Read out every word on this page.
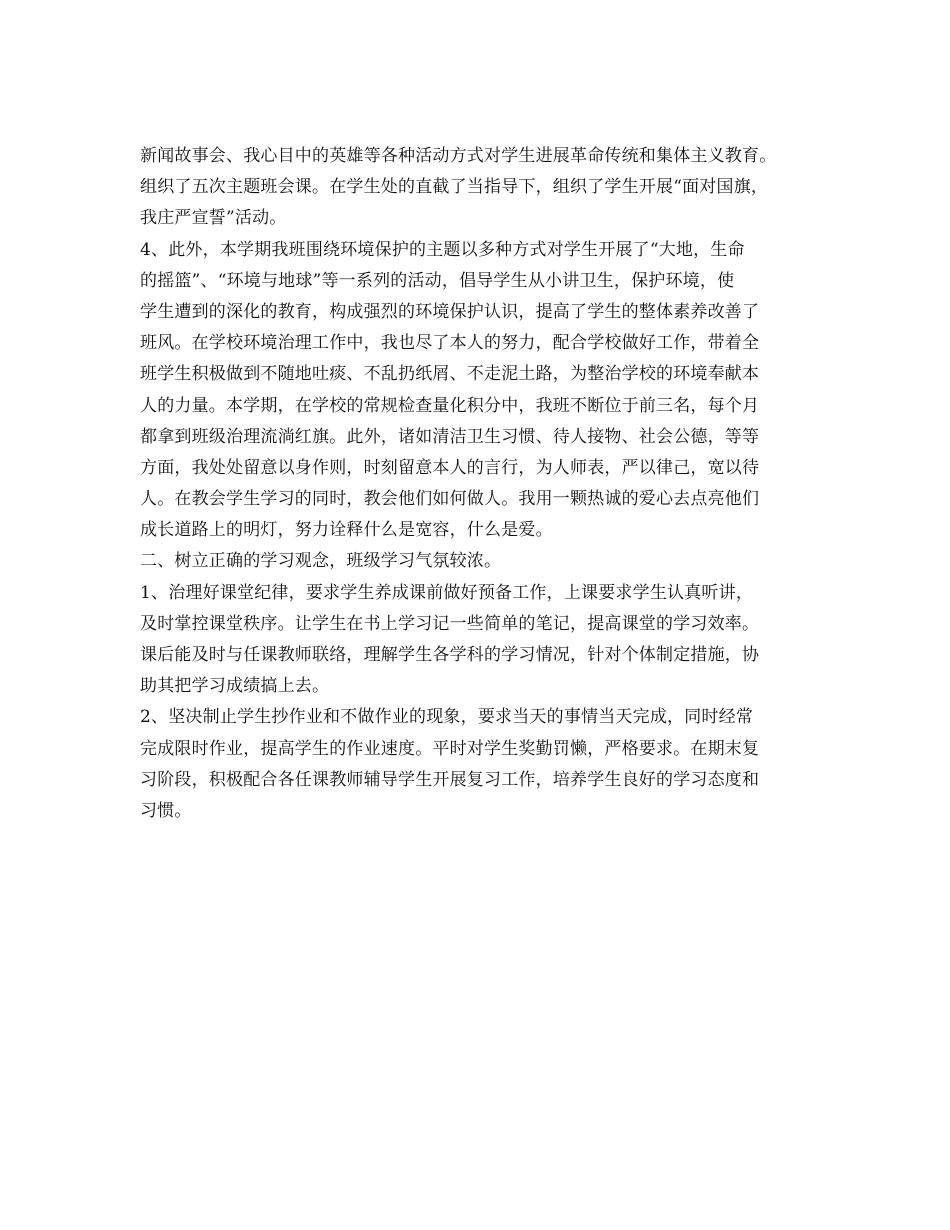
新闻故事会、我心目中的英雄等各种活动方式对学生进展革命传统和集体主义教育。
组织了五次主题班会课。在学生处的直截了当指导下，组织了学生开展“面对国旗，
我庄严宣誓”活动。
4、此外，本学期我班围绕环境保护的主题以多种方式对学生开展了“大地，生命
的摇篮”、“环境与地球”等一系列的活动，倡导学生从小讲卫生，保护环境，使
学生遭到的深化的教育，构成强烈的环境保护认识，提高了学生的整体素养改善了
班风。在学校环境治理工作中，我也尽了本人的努力，配合学校做好工作，带着全
班学生积极做到不随地吐痰、不乱扔纸屑、不走泥土路，为整治学校的环境奉献本
人的力量。本学期，在学校的常规检查量化积分中，我班不断位于前三名，每个月
都拿到班级治理流淌红旗。此外，诸如清洁卫生习惯、待人接物、社会公德，等等
方面，我处处留意以身作则，时刻留意本人的言行，为人师表，严以律己，宽以待
人。在教会学生学习的同时，教会他们如何做人。我用一颗热诚的爱心去点亮他们
成长道路上的明灯，努力诠释什么是宽容，什么是爱。
二、树立正确的学习观念，班级学习气氛较浓。
1、治理好课堂纪律，要求学生养成课前做好预备工作，上课要求学生认真听讲，
及时掌控课堂秩序。让学生在书上学习记一些简单的笔记，提高课堂的学习效率。
课后能及时与任课教师联络，理解学生各学科的学习情况，针对个体制定措施，协
助其把学习成绩搞上去。
2、坚决制止学生抄作业和不做作业的现象，要求当天的事情当天完成，同时经常
完成限时作业，提高学生的作业速度。平时对学生奖勤罚懒，严格要求。在期末复
习阶段，积极配合各任课教师辅导学生开展复习工作，培养学生良好的学习态度和
习惯。
